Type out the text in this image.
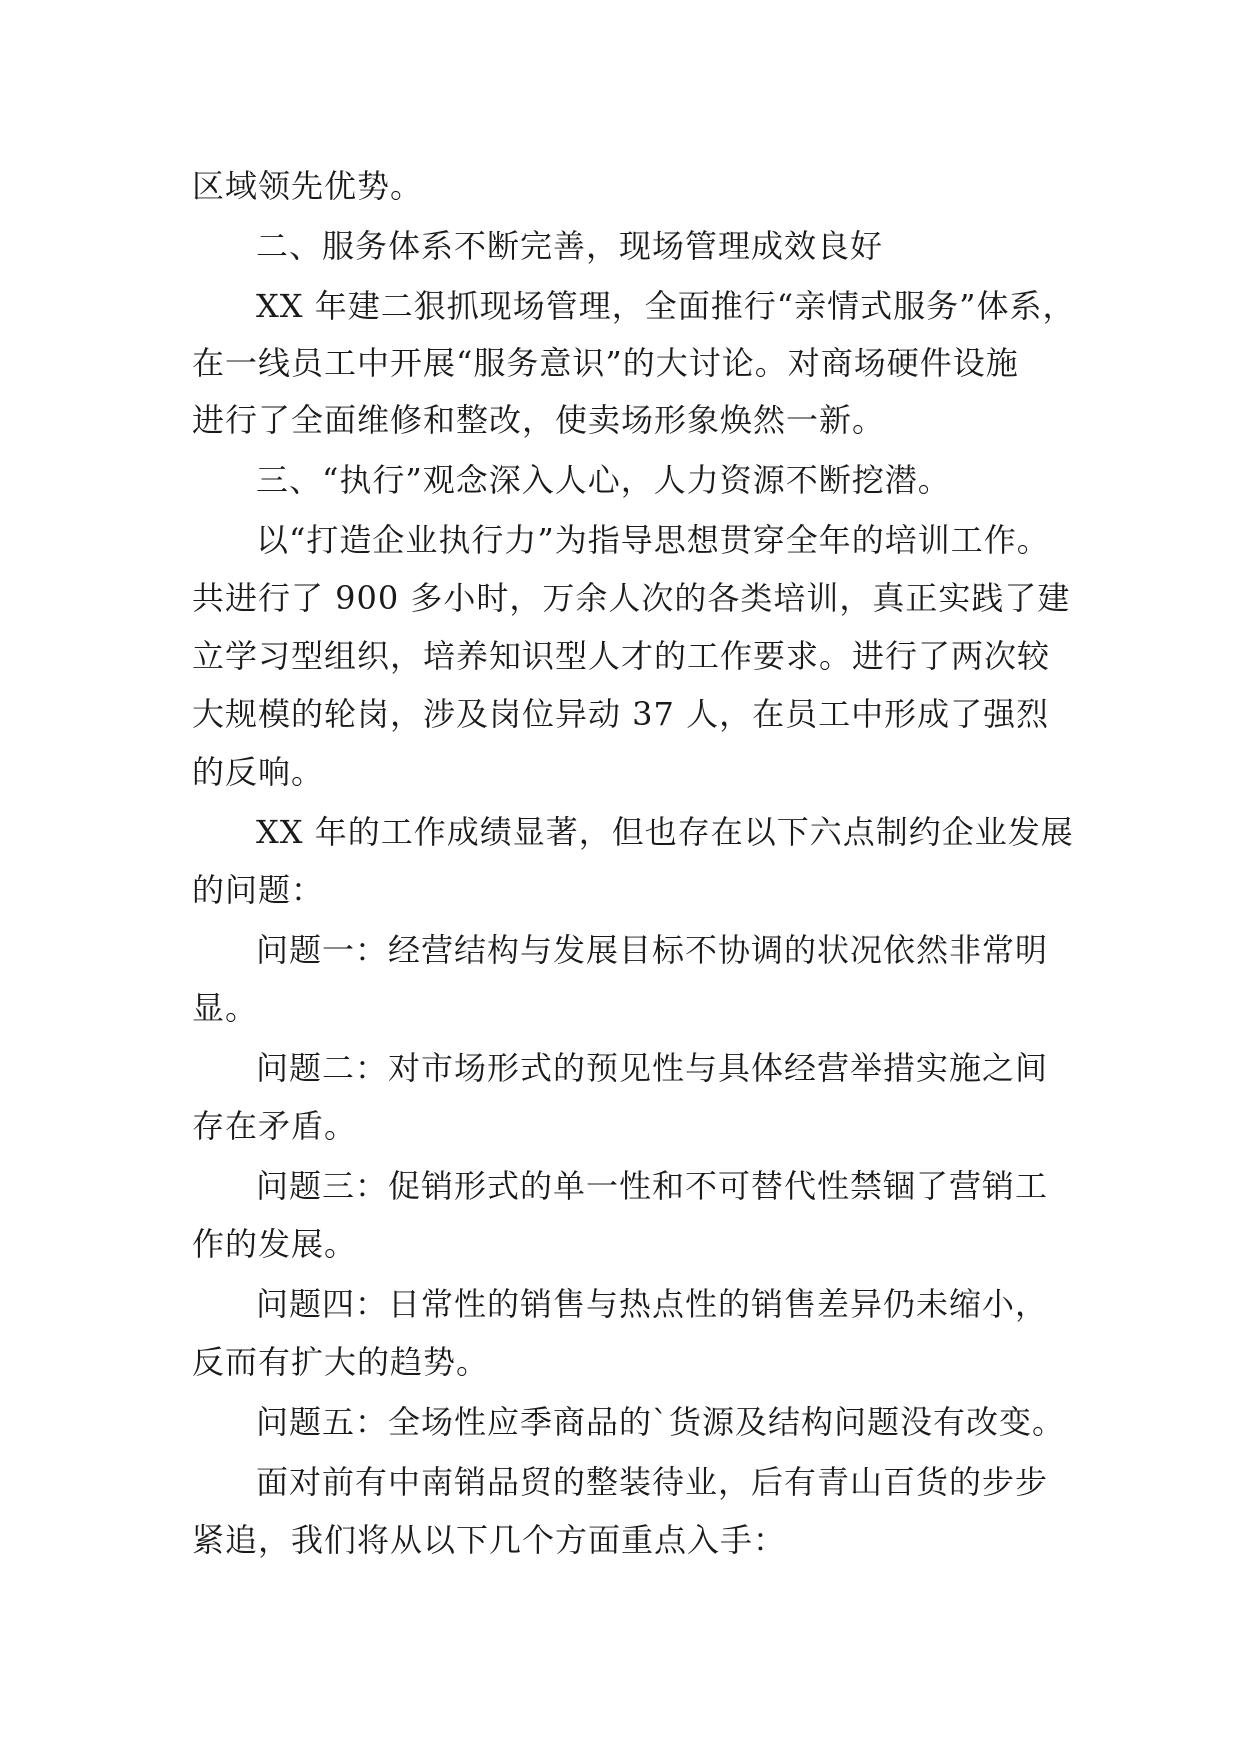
区域领先优势。
二、服务体系不断完善，现场管理成效良好
XX 年建二狠抓现场管理，全面推行“亲情式服务”体系，
在一线员工中开展“服务意识”的大讨论。对商场硬件设施
进行了全面维修和整改，使卖场形象焕然一新。
三、“执行”观念深入人心，人力资源不断挖潜。
以“打造企业执行力”为指导思想贯穿全年的培训工作。
共进行了 900 多小时，万余人次的各类培训，真正实践了建
立学习型组织，培养知识型人才的工作要求。进行了两次较
大规模的轮岗，涉及岗位异动 37 人，在员工中形成了强烈
的反响。
XX 年的工作成绩显著，但也存在以下六点制约企业发展
的问题：
问题一：经营结构与发展目标不协调的状况依然非常明
显。
问题二：对市场形式的预见性与具体经营举措实施之间
存在矛盾。
问题三：促销形式的单一性和不可替代性禁锢了营销工
作的发展。
问题四：日常性的销售与热点性的销售差异仍未缩小，
反而有扩大的趋势。
问题五：全场性应季商品的`货源及结构问题没有改变。
面对前有中南销品贸的整装待业，后有青山百货的步步
紧追，我们将从以下几个方面重点入手：
